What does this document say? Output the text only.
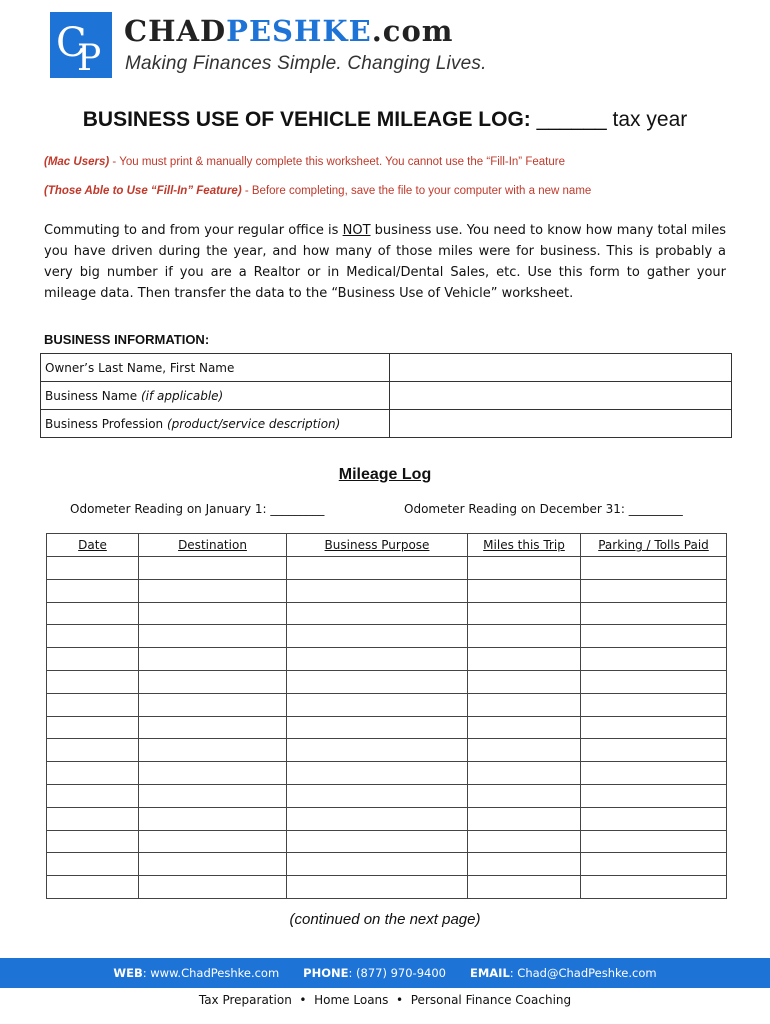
C
P
CHADPESHKE.com
Making Finances Simple. Changing Lives.
BUSINESS USE OF VEHICLE MILEAGE LOG: ______ tax year
(Mac Users) - You must print & manually complete this worksheet. You cannot use the “Fill-In” Feature
(Those Able to Use “Fill-In” Feature) - Before completing, save the file to your computer with a new name

Commuting to and from your regular office is NOT business use. You need to know how many total miles you have driven during the year, and how many of those miles were for business. This is probably a very big number if you are a Realtor or in Medical/Dental Sales, etc. Use this form to gather your mileage data. Then transfer the data to the “Business Use of Vehicle” worksheet.

BUSINESS INFORMATION:
Owner’s Last Name, First Name	
Business Name (if applicable)	
Business Profession (product/service description)	
Mileage Log
Odometer Reading on January 1: _________	Odometer Reading on December 31: _________
Date	Destination	Business Purpose	Miles this Trip	Parking / Tolls Paid

(continued on the next page)
WEB: www.ChadPeshke.com PHONE: (877) 970-9400 EMAIL: Chad@ChadPeshke.com
Tax Preparation  •  Home Loans  •  Personal Finance Coaching
